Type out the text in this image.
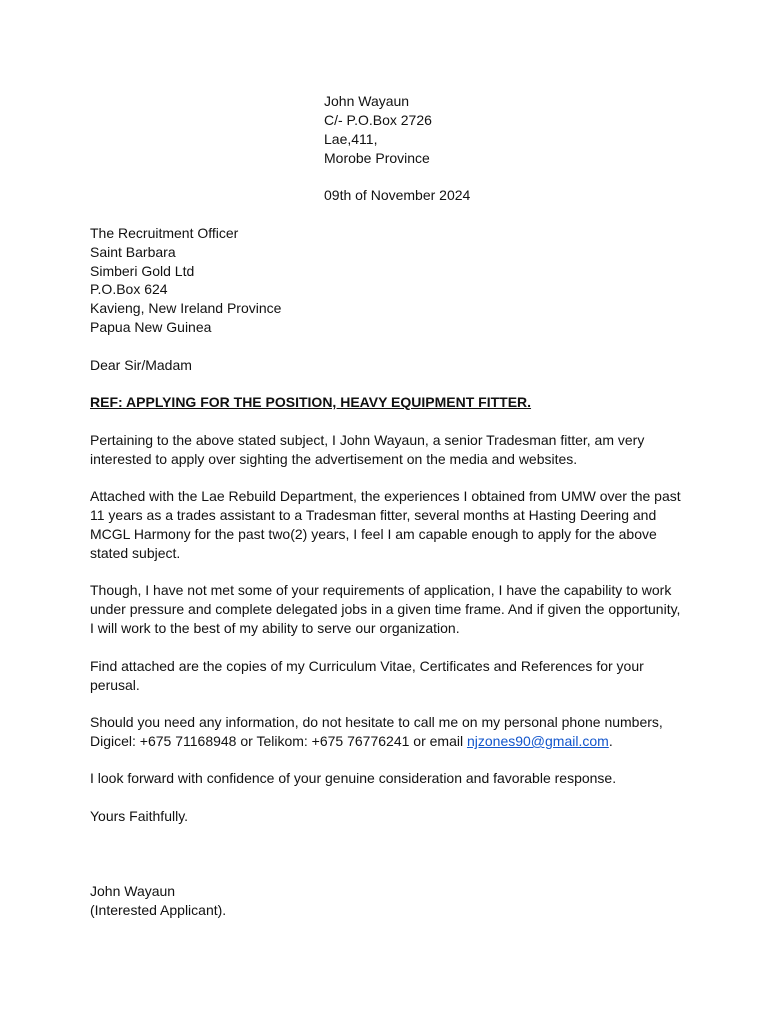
John Wayaun
C/- P.O.Box 2726
Lae,411,
Morobe Province
09th of November 2024
The Recruitment Officer
Saint Barbara
Simberi Gold Ltd
P.O.Box 624
Kavieng, New Ireland Province
Papua New Guinea
Dear Sir/Madam
REF: APPLYING FOR THE POSITION, HEAVY EQUIPMENT FITTER.
Pertaining to the above stated subject, I John Wayaun, a senior Tradesman fitter, am very
interested to apply over sighting the advertisement on the media and websites.
Attached with the Lae Rebuild Department, the experiences I obtained from UMW over the past
11 years as a trades assistant to a Tradesman fitter, several months at Hasting Deering and
MCGL Harmony for the past two(2) years, I feel I am capable enough to apply for the above
stated subject.
Though, I have not met some of your requirements of application, I have the capability to work
under pressure and complete delegated jobs in a given time frame. And if given the opportunity,
I will work to the best of my ability to serve our organization.
Find attached are the copies of my Curriculum Vitae, Certificates and References for your
perusal.
Should you need any information, do not hesitate to call me on my personal phone numbers,
Digicel: +675 71168948 or Telikom: +675 76776241 or email njzones90@gmail.com.
I look forward with confidence of your genuine consideration and favorable response.
Yours Faithfully.
John Wayaun
(Interested Applicant).
